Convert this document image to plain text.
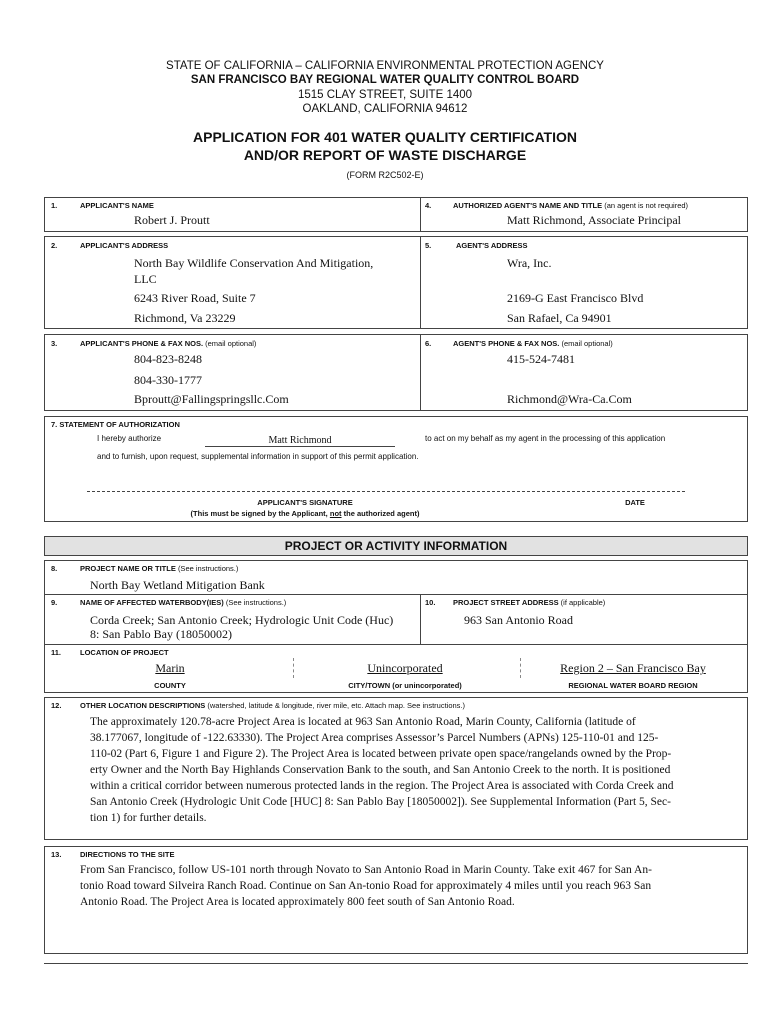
STATE OF CALIFORNIA – CALIFORNIA ENVIRONMENTAL PROTECTION AGENCY
SAN FRANCISCO BAY REGIONAL WATER QUALITY CONTROL BOARD
1515 CLAY STREET, SUITE 1400
OAKLAND, CALIFORNIA 94612
APPLICATION FOR 401 WATER QUALITY CERTIFICATION
AND/OR REPORT OF WASTE DISCHARGE
(FORM R2C502-E)
1.	APPLICANT'S NAME
Robert J. Proutt
4.	AUTHORIZED AGENT'S NAME AND TITLE (an agent is not required)
Matt Richmond, Associate Principal
2.	APPLICANT'S ADDRESS
North Bay Wildlife Conservation And Mitigation,
LLC
6243 River Road, Suite 7
Richmond, Va 23229
5.	AGENT'S ADDRESS
Wra, Inc.
2169-G East Francisco Blvd
San Rafael, Ca 94901
3.	APPLICANT'S PHONE & FAX NOS. (email optional)
804-823-8248
804-330-1777
Bproutt@Fallingspringsllc.Com
6.	AGENT'S PHONE & FAX NOS. (email optional)
415-524-7481
Richmond@Wra-Ca.Com
7. STATEMENT OF AUTHORIZATION
I hereby authorize	Matt Richmond	to act on my behalf as my agent in the processing of this application
and to furnish, upon request, supplemental information in support of this permit application.
APPLICANT'S SIGNATURE	DATE
(This must be signed by the Applicant, not the authorized agent)
PROJECT OR ACTIVITY INFORMATION
8.	PROJECT NAME OR TITLE (See instructions.)
North Bay Wetland Mitigation Bank
9.	NAME OF AFFECTED WATERBODY(IES) (See instructions.)
Corda Creek; San Antonio Creek; Hydrologic Unit Code (Huc)
8: San Pablo Bay (18050002)
10. PROJECT STREET ADDRESS (if applicable)
963 San Antonio Road
11.	LOCATION OF PROJECT
Marin
COUNTY
Unincorporated
CITY/TOWN (or unincorporated)
Region 2 – San Francisco Bay
REGIONAL WATER BOARD REGION
12. OTHER LOCATION DESCRIPTIONS (watershed, latitude & longitude, river mile, etc. Attach map. See instructions.)
The approximately 120.78-acre Project Area is located at 963 San Antonio Road, Marin County, California (latitude of
38.177067, longitude of -122.63330). The Project Area comprises Assessor’s Parcel Numbers (APNs) 125-110-01 and 125-
110-02 (Part 6, Figure 1 and Figure 2). The Project Area is located between private open space/rangelands owned by the Prop-
erty Owner and the North Bay Highlands Conservation Bank to the south, and San Antonio Creek to the north. It is positioned
within a critical corridor between numerous protected lands in the region. The Project Area is associated with Corda Creek and
San Antonio Creek (Hydrologic Unit Code [HUC] 8: San Pablo Bay [18050002]). See Supplemental Information (Part 5, Sec-
tion 1) for further details.
13. DIRECTIONS TO THE SITE
From San Francisco, follow US-101 north through Novato to San Antonio Road in Marin County. Take exit 467 for San An-
tonio Road toward Silveira Ranch Road. Continue on San An-tonio Road for approximately 4 miles until you reach 963 San
Antonio Road. The Project Area is located approximately 800 feet south of San Antonio Road.
